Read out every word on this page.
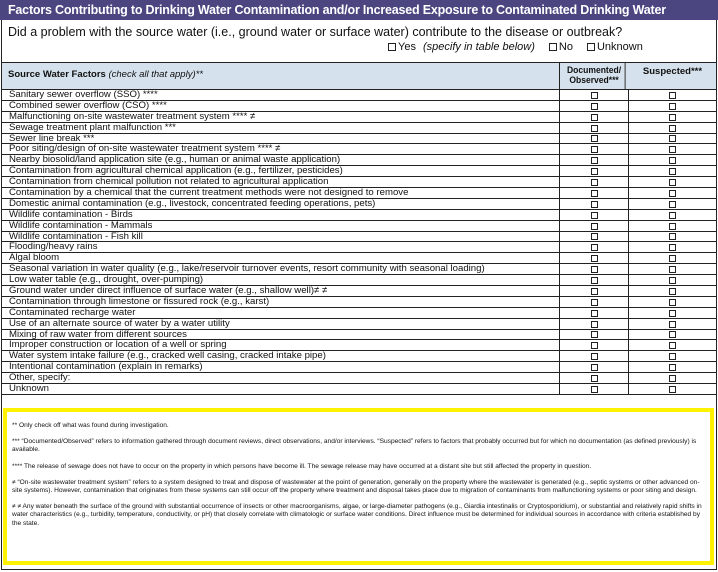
Factors Contributing to Drinking Water Contamination and/or Increased Exposure to Contaminated Drinking Water
Did a problem with the source water (i.e., ground water or surface water) contribute to the disease or outbreak?
Yes
(specify in table below) No Unknown
Source Water Factors (check all that apply)**	Documented/
Observed***
Suspected***
Sanitary sewer overflow (SSO) ****
Combined sewer overflow (CSO) ****
Malfunctioning on-site wastewater treatment system **** ≠
Sewage treatment plant malfunction ***
Sewer line break ***
Poor siting/design of on-site wastewater treatment system **** ≠
Nearby biosolid/land application site (e.g., human or animal waste application)
Contamination from agricultural chemical application (e.g., fertilizer, pesticides)
Contamination from chemical pollution not related to agricultural application
Contamination by a chemical that the current treatment methods were not designed to remove
Domestic animal contamination (e.g., livestock, concentrated feeding operations, pets)
Wildlife contamination - Birds
Wildlife contamination - Mammals
Wildlife contamination - Fish kill
Flooding/heavy rains
Algal bloom
Seasonal variation in water quality (e.g., lake/reservoir turnover events, resort community with seasonal loading)
Low water table (e.g., drought, over-pumping)
Ground water under direct influence of surface water (e.g., shallow well)≠ ≠
Contamination through limestone or fissured rock (e.g., karst)
Contaminated recharge water
Use of an alternate source of water by a water utility
Mixing of raw water from different sources
Improper construction or location of a well or spring
Water system intake failure (e.g., cracked well casing, cracked intake pipe)
Intentional contamination (explain in remarks)
Other, specify:
Unknown

** Only check off what was found during investigation.

*** “Documented/Observed” refers to information gathered through document reviews, direct observations, and/or interviews. “Suspected” refers to factors that probably occurred but for which no documentation (as defined previously) is available.

**** The release of sewage does not have to occur on the property in which persons have become ill. The sewage release may have occurred at a distant site but still affected the property in question.

≠ “On-site wastewater treatment system” refers to a system designed to treat and dispose of wastewater at the point of generation, generally on the property where the wastewater is generated (e.g., septic systems or other advanced on-site systems). However, contamination that originates from these systems can still occur off the property where treatment and disposal takes place due to migration of contaminants from malfunctioning systems or poor siting and design.

≠ ≠ Any water beneath the surface of the ground with substantial occurrence of insects or other macroorganisms, algae, or large-diameter pathogens (e.g., Giardia intestinalis or Cryptosporidium), or substantial and relatively rapid shifts in water characteristics (e.g., turbidity, temperature, conductivity, or pH) that closely correlate with climatologic or surface water conditions. Direct influence must be determined for individual sources in accordance with criteria established by the state.
